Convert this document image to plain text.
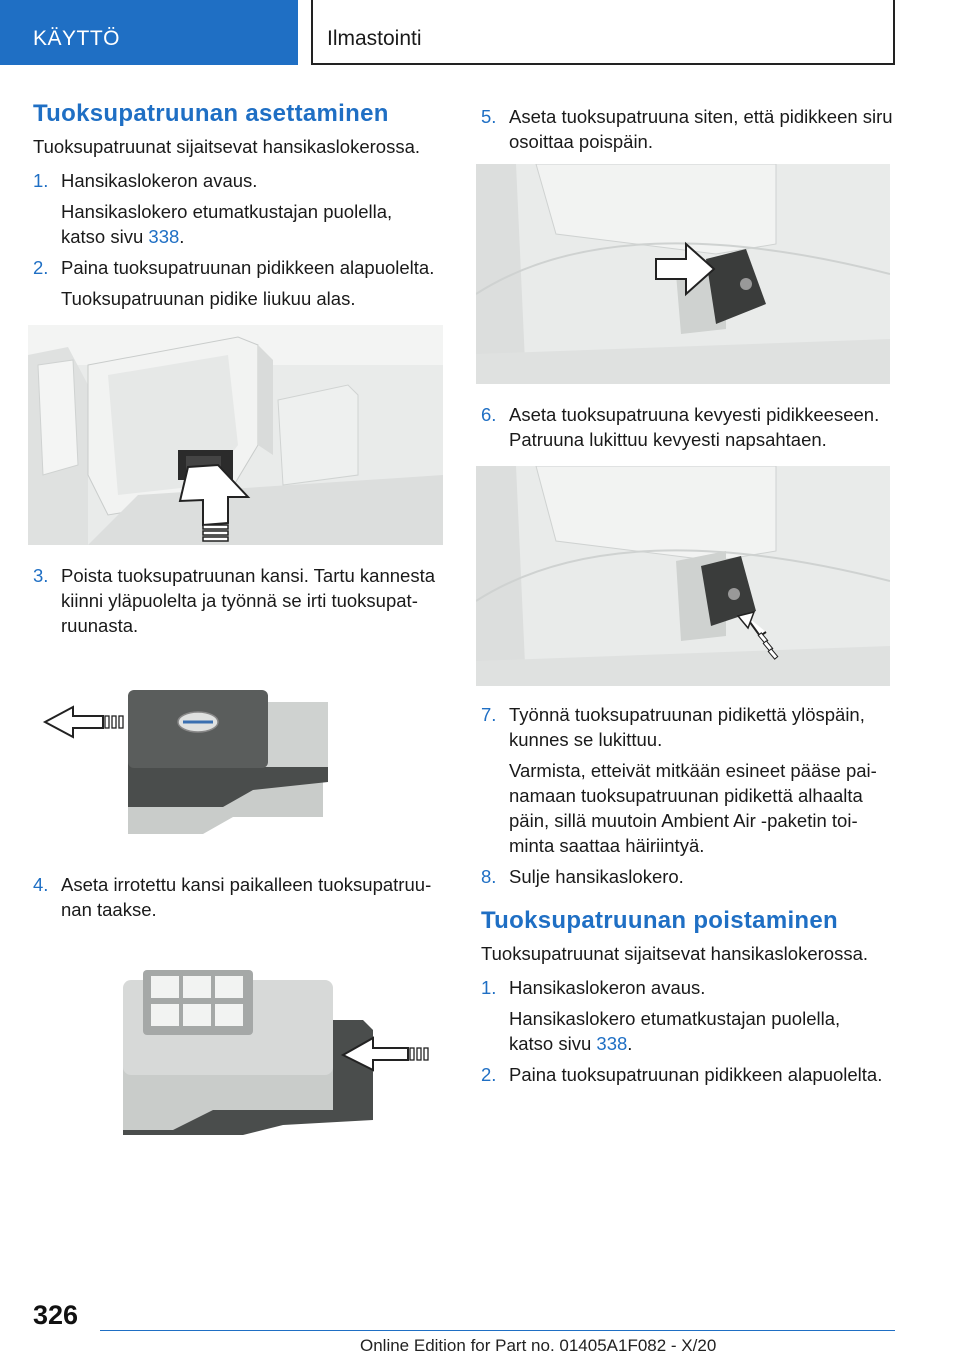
KÄYTTÖ	Ilmastointi
Tuoksupatruunan asettaminen

Tuoksupatruunat sijaitsevat hansikaslokerossa.

1. Hansikaslokeron avaus.

Hansikaslokero etumatkustajan puolella,
katso sivu 338.

2. Paina tuoksupatruunan pidikkeen alapuolelta.

Tuoksupatruunan pidike liukuu alas.

3. Poista tuoksupatruunan kansi. Tartu kannesta kiinni yläpuolelta ja työnnä se irti tuoksupatruunasta.

4. Aseta irrotettu kansi paikalleen tuoksupatruunan taakse.

5. Aseta tuoksupatruuna siten, että pidikkeen siru osoittaa poispäin.

6. Aseta tuoksupatruuna kevyesti pidikkeeseen. Patruuna lukittuu kevyesti napsahtaen.

7. Työnnä tuoksupatruunan pidikettä ylöspäin, kunnes se lukittuu.

Varmista, etteivät mitkään esineet pääse painamaan tuoksupatruunan pidikettä alhaalta päin, sillä muutoin Ambient Air -paketin toiminta saattaa häiriintyä.

8. Sulje hansikaslokero.

Tuoksupatruunan poistaminen

Tuoksupatruunat sijaitsevat hansikaslokerossa.

1. Hansikaslokeron avaus.

Hansikaslokero etumatkustajan puolella,
katso sivu 338.

2. Paina tuoksupatruunan pidikkeen alapuolelta.

326
Online Edition for Part no. 01405A1F082 - X/20
